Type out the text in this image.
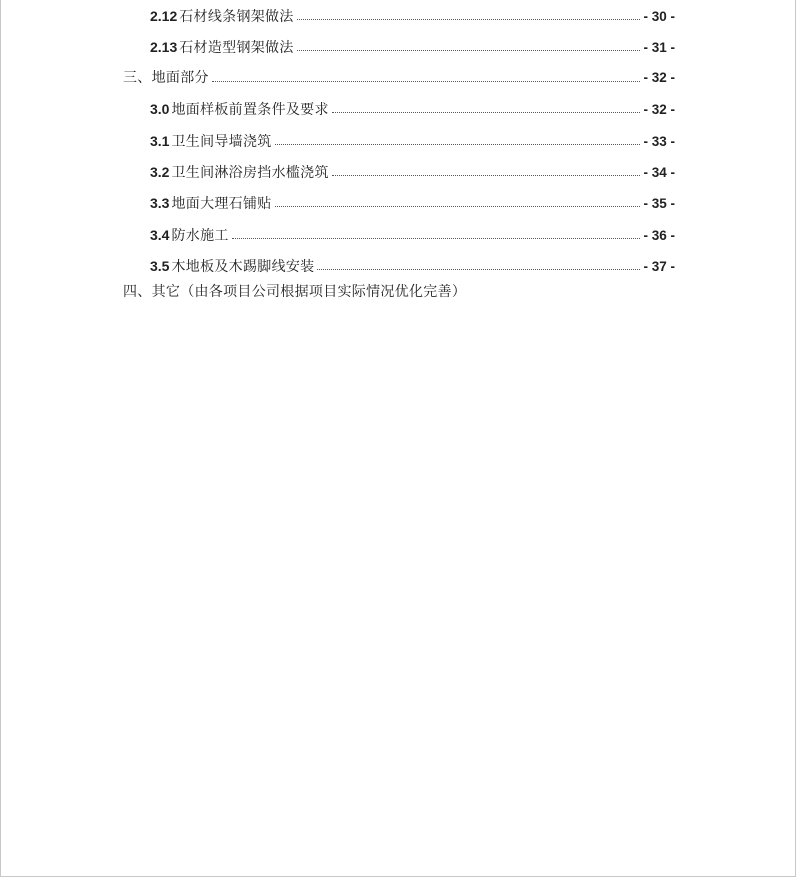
2.12 石材线条钢架做法	- 30 -
2.13 石材造型钢架做法	- 31 -
三、地面部分	- 32 -
3.0 地面样板前置条件及要求	- 32 -
3.1 卫生间导墙浇筑	- 33 -
3.2 卫生间淋浴房挡水槛浇筑	- 34 -
3.3 地面大理石铺贴	- 35 -
3.4 防水施工	- 36 -
3.5 木地板及木踢脚线安装	- 37 -
四、其它（由各项目公司根据项目实际情况优化完善）
